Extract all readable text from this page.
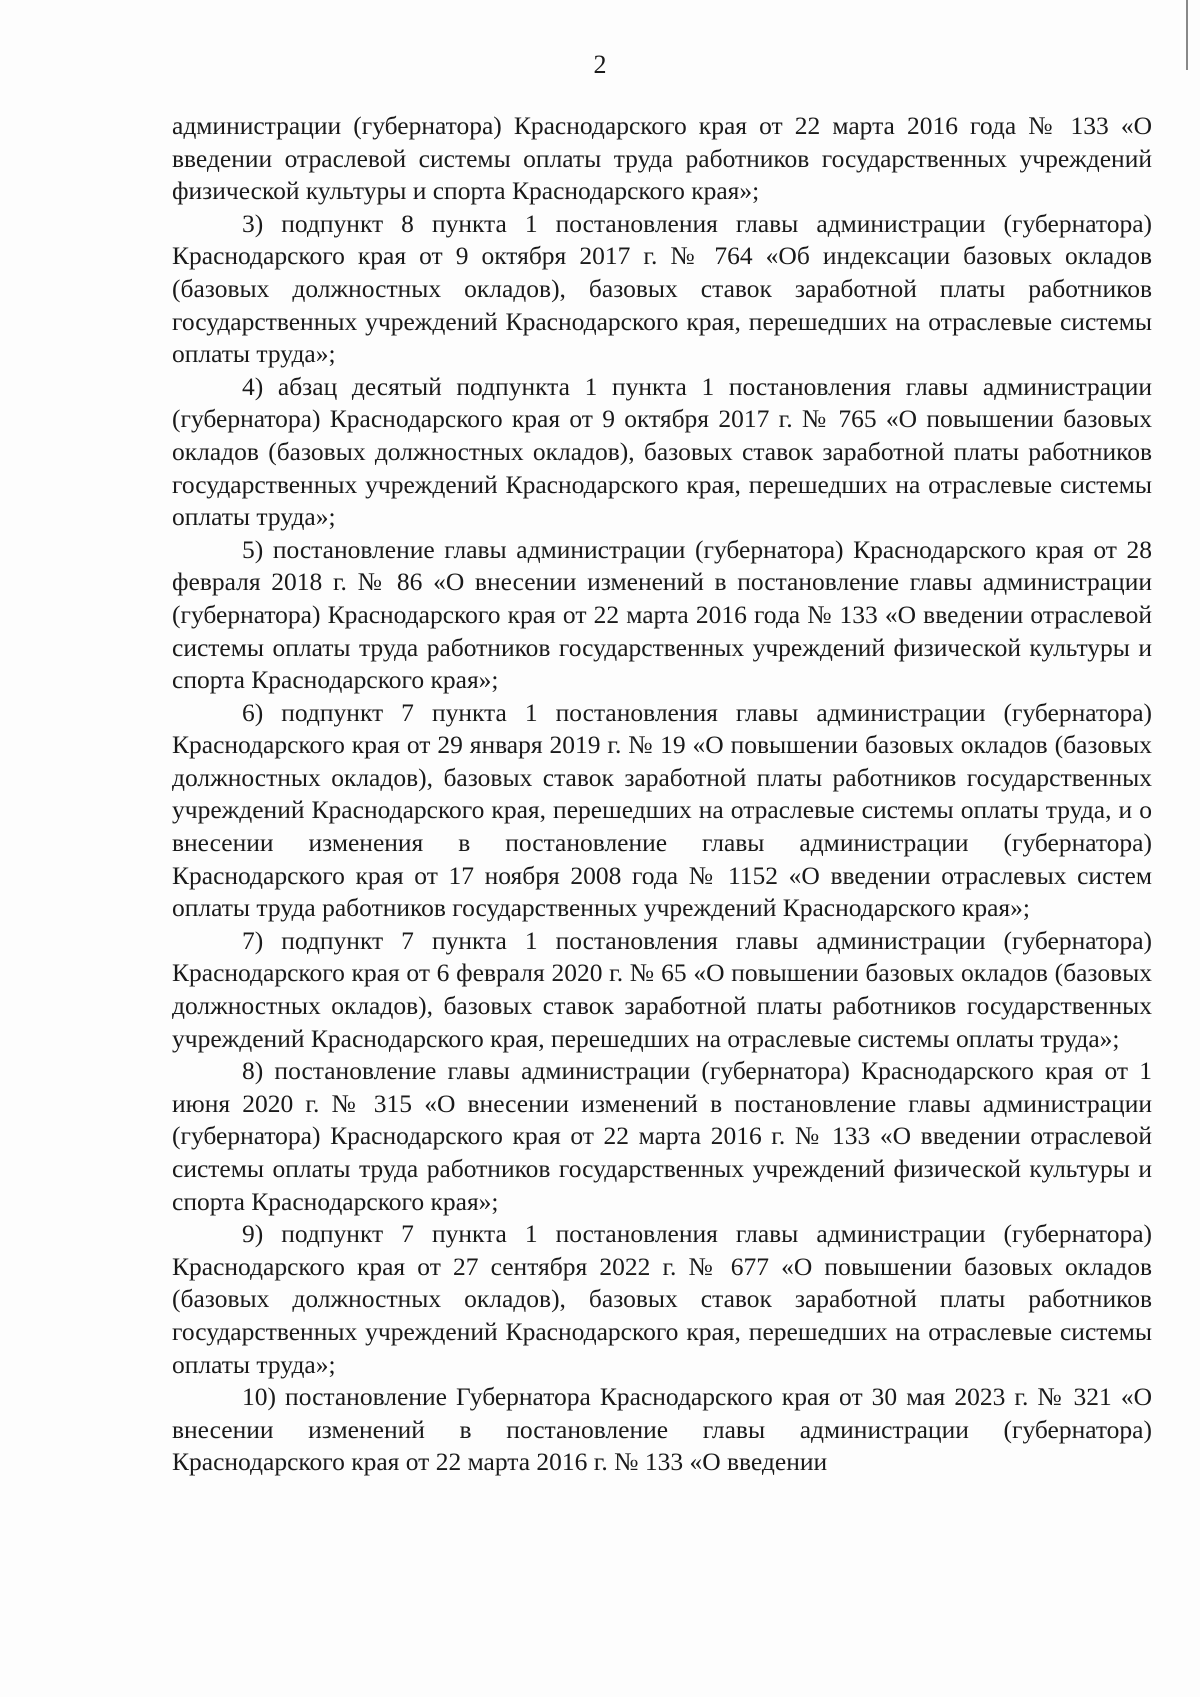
2

администрации (губернатора) Краснодарского края от 22 марта 2016 года № 133 «О введении отраслевой системы оплаты труда работников государственных учреждений физической культуры и спорта Краснодарского края»;

3) подпункт 8 пункта 1 постановления главы администрации (губернатора) Краснодарского края от 9 октября 2017 г. № 764 «Об индексации базовых окладов (базовых должностных окладов), базовых ставок заработной платы работников государственных учреждений Краснодарского края, перешедших на отраслевые системы оплаты труда»;

4) абзац десятый подпункта 1 пункта 1 постановления главы администрации (губернатора) Краснодарского края от 9 октября 2017 г. № 765 «О повышении базовых окладов (базовых должностных окладов), базовых ставок заработной платы работников государственных учреждений Краснодарского края, перешедших на отраслевые системы оплаты труда»;

5) постановление главы администрации (губернатора) Краснодарского края от 28 февраля 2018 г. № 86 «О внесении изменений в постановление главы администрации (губернатора) Краснодарского края от 22 марта 2016 года № 133 «О введении отраслевой системы оплаты труда работников государственных учреждений физической культуры и спорта Краснодарского края»;

6) подпункт 7 пункта 1 постановления главы администрации (губернатора) Краснодарского края от 29 января 2019 г. № 19 «О повышении базовых окладов (базовых должностных окладов), базовых ставок заработной платы работников государственных учреждений Краснодарского края, перешедших на отраслевые системы оплаты труда, и о внесении изменения в постановление главы администрации (губернатора) Краснодарского края от 17 ноября 2008 года № 1152 «О введении отраслевых систем оплаты труда работников государственных учреждений Краснодарского края»;

7) подпункт 7 пункта 1 постановления главы администрации (губернатора) Краснодарского края от 6 февраля 2020 г. № 65 «О повышении базовых окладов (базовых должностных окладов), базовых ставок заработной платы работников государственных учреждений Краснодарского края, перешедших на отраслевые системы оплаты труда»;

8) постановление главы администрации (губернатора) Краснодарского края от 1 июня 2020 г. № 315 «О внесении изменений в постановление главы администрации (губернатора) Краснодарского края от 22 марта 2016 г. № 133 «О введении отраслевой системы оплаты труда работников государственных учреждений физической культуры и спорта Краснодарского края»;

9) подпункт 7 пункта 1 постановления главы администрации (губернатора) Краснодарского края от 27 сентября 2022 г. № 677 «О повышении базовых окладов (базовых должностных окладов), базовых ставок заработной платы работников государственных учреждений Краснодарского края, перешедших на отраслевые системы оплаты труда»;

10) постановление Губернатора Краснодарского края от 30 мая 2023 г. № 321 «О внесении изменений в постановление главы администрации (губернатора) Краснодарского края от 22 марта 2016 г. № 133 «О введении
